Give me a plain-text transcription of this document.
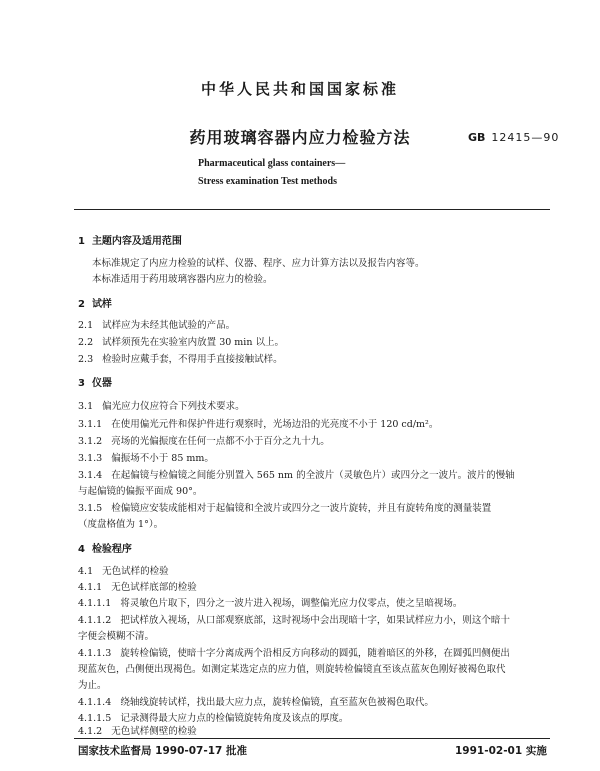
中华人民共和国国家标准
药用玻璃容器内应力检验方法	GB 12415—90
Pharmaceutical glass containers—
Stress examination Test methods
1 主题内容及适用范围
本标准规定了内应力检验的试样、仪器、程序、应力计算方法以及报告内容等。
本标准适用于药用玻璃容器内应力的检验。
2 试样
2.1 试样应为未经其他试验的产品。
2.2 试样须预先在实验室内放置 30 min 以上。
2.3 检验时应戴手套，不得用手直接接触试样。
3 仪器
3.1 偏光应力仪应符合下列技术要求。
3.1.1 在使用偏光元件和保护件进行观察时，光场边沿的光亮度不小于 120 cd/m²。
3.1.2 亮场的光偏振度在任何一点都不小于百分之九十九。
3.1.3 偏振场不小于 85 mm。
3.1.4 在起偏镜与检偏镜之间能分别置入 565 nm 的全波片（灵敏色片）或四分之一波片。波片的慢轴
与起偏镜的偏振平面成 90°。
3.1.5 检偏镜应安装成能相对于起偏镜和全波片或四分之一波片旋转，并且有旋转角度的测量装置
（度盘格值为 1°）。
4 检验程序
4.1 无色试样的检验
4.1.1 无色试样底部的检验
4.1.1.1 将灵敏色片取下，四分之一波片进入视场，调整偏光应力仪零点，使之呈暗视场。
4.1.1.2 把试样放入视场，从口部观察底部，这时视场中会出现暗十字，如果试样应力小，则这个暗十
字便会模糊不清。
4.1.1.3 旋转检偏镜，使暗十字分离成两个沿相反方向移动的圆弧，随着暗区的外移，在圆弧凹侧便出
现蓝灰色，凸侧便出现褐色。如测定某选定点的应力值，则旋转检偏镜直至该点蓝灰色刚好被褐色取代
为止。
4.1.1.4 绕轴线旋转试样，找出最大应力点，旋转检偏镜，直至蓝灰色被褐色取代。
4.1.1.5 记录测得最大应力点的检偏镜旋转角度及该点的厚度。
4.1.2 无色试样侧壁的检验
国家技术监督局 1990-07-17 批准	1991-02-01 实施
